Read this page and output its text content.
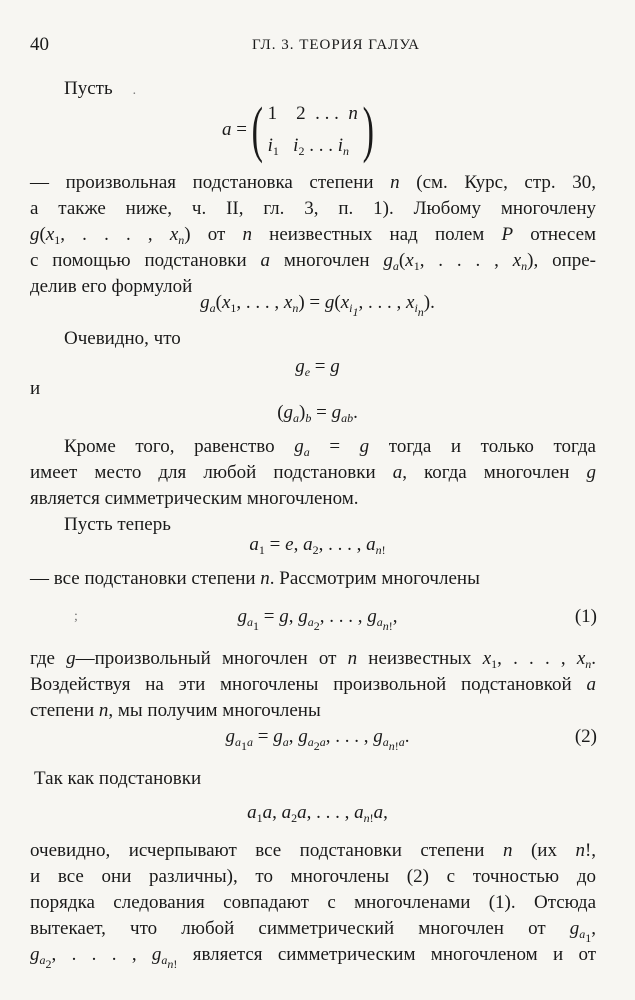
40	ГЛ. 3. ТЕОРИЯ ГАЛУА
Пусть
a =( 1    2  . . .  n
$i_1$ $i_2$ . . . $i_n$ )
— произвольная подстановка степени n (см. Курс, стр. 30,
а также ниже, ч. II, гл. 3, п. 1). Любому многочлену
$g(x_1$, . . . , $x_n$) от n неизвестных над полем P отнесем
с помощью подстановки a многочлен $g_a(x_1$, . . . , $x_n$), опре-
делив его формулой
$g_a(x_1$, . . . , $x_n) = g(x_{i_1}$, . . . , $x_{i_n}$).
Очевидно, что
$g_e = g$
и
$(g_a)_b = g_{ab}$.
Кроме того, равенство $g_a = g$ тогда и только тогда
имеет место для любой подстановки a, когда многочлен g
является симметрическим многочленом.
Пусть теперь
$a_1 = e$, $a_2$, . . . , $a_{n!}$
— все подстановки степени n. Рассмотрим многочлены
$g_{a_1} = g$, $g_{a_2}$, . . . , $g_{a_{n!}}$,	(1)
где g—произвольный многочлен от n неизвестных $x_1$, . . . , $x_n$.
Воздействуя на эти многочлены произвольной подстановкой a
степени n, мы получим многочлены
$g_{a_1a} = g_a$, $g_{a_2a}$, . . . , $g_{a_{n!}a}$.	(2)
Так как подстановки
$a_1a$, $a_2a$, . . . , $a_{n!}a$,
очевидно, исчерпывают все подстановки степени n (их n!,
и все они различны), то многочлены (2) с точностью до
порядка следования совпадают с многочленами (1). Отсюда
вытекает, что любой симметрический многочлен от $g_{a_1}$,
$g_{a_2}$, . . . , $g_{a_{n!}}$ является симметрическим многочленом и от
·
;
